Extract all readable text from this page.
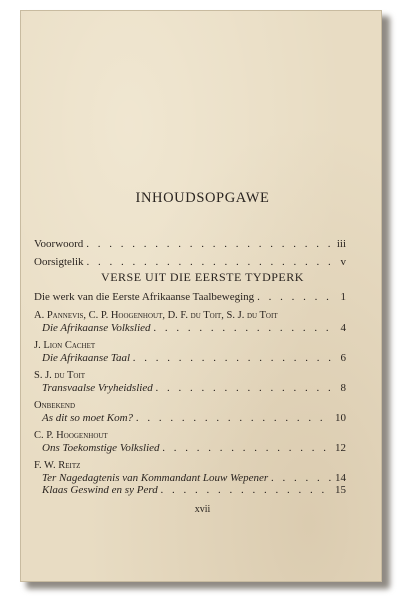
INHOUDSOPGAWE
Voorwoord . . .	iii
Oorsigtelik . . .	v
VERSE UIT DIE EERSTE TYDPERK
Die werk van die Eerste Afrikaanse Taalbeweging . . .	1
A. Pannevis, C. P. Hoogenhout, D. F. du Toit, S. J. du Toit
Die Afrikaanse Volkslied . . .	4
J. Lion Cachet
Die Afrikaanse Taal . . .	6
S. J. du Toit
Transvaalse Vryheidslied . . .	8
Onbekend
As dit so moet Kom? . . .	10
C. P. Hoogenhout
Ons Toekomstige Volkslied . . .	12
F. W. Reitz
Ter Nagedagtenis van Kommandant Louw Wepener . . .	14
Klaas Geswind en sy Perd . . .	15
xvii
